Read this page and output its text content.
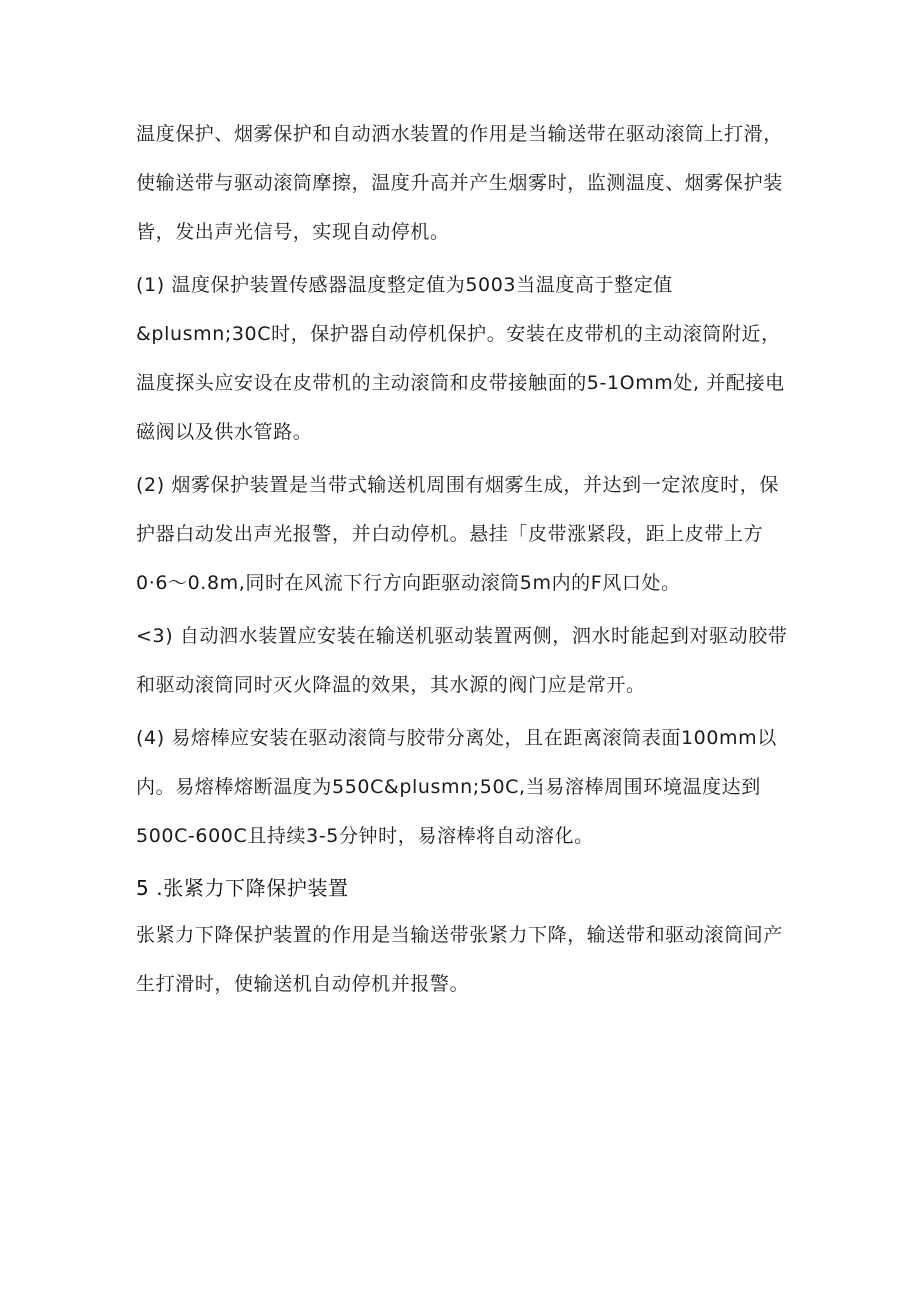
温度保护、烟雾保护和自动洒水装置的作用是当输送带在驱动滚筒上打滑，使输送带与驱动滚筒摩擦，温度升高并产生烟雾时，监测温度、烟雾保护装皆，发出声光信号，实现自动停机。

(1) 温度保护装置传感器温度整定值为5003当温度高于整定值&plusmn;30C时，保护器自动停机保护。安装在皮带机的主动滚筒附近，温度探头应安设在皮带机的主动滚筒和皮带接触面的5-1Omm处, 并配接电磁阀以及供水管路。

(2) 烟雾保护装置是当带式输送机周围有烟雾生成，并达到一定浓度时，保护器白动发出声光报警，并白动停机。悬挂「皮带涨紧段，距上皮带上方0·6〜0.8m,同时在风流下行方向距驱动滚筒5m内的F风口处。

<3) 自动泗水装置应安装在输送机驱动装置两侧，泗水时能起到对驱动胶带和驱动滚筒同时灭火降温的效果，其水源的阀门应是常开。

(4) 易熔棒应安装在驱动滚筒与胶带分离处，且在距离滚筒表面100mm以内。易熔棒熔断温度为550C&plusmn;50C,当易溶棒周围环境温度达到500C-600C且持续3-5分钟时，易溶棒将自动溶化。

5 .张紧力下降保护装置

张紧力下降保护装置的作用是当输送带张紧力下降，输送带和驱动滚筒间产生打滑时，使输送机自动停机并报警。
